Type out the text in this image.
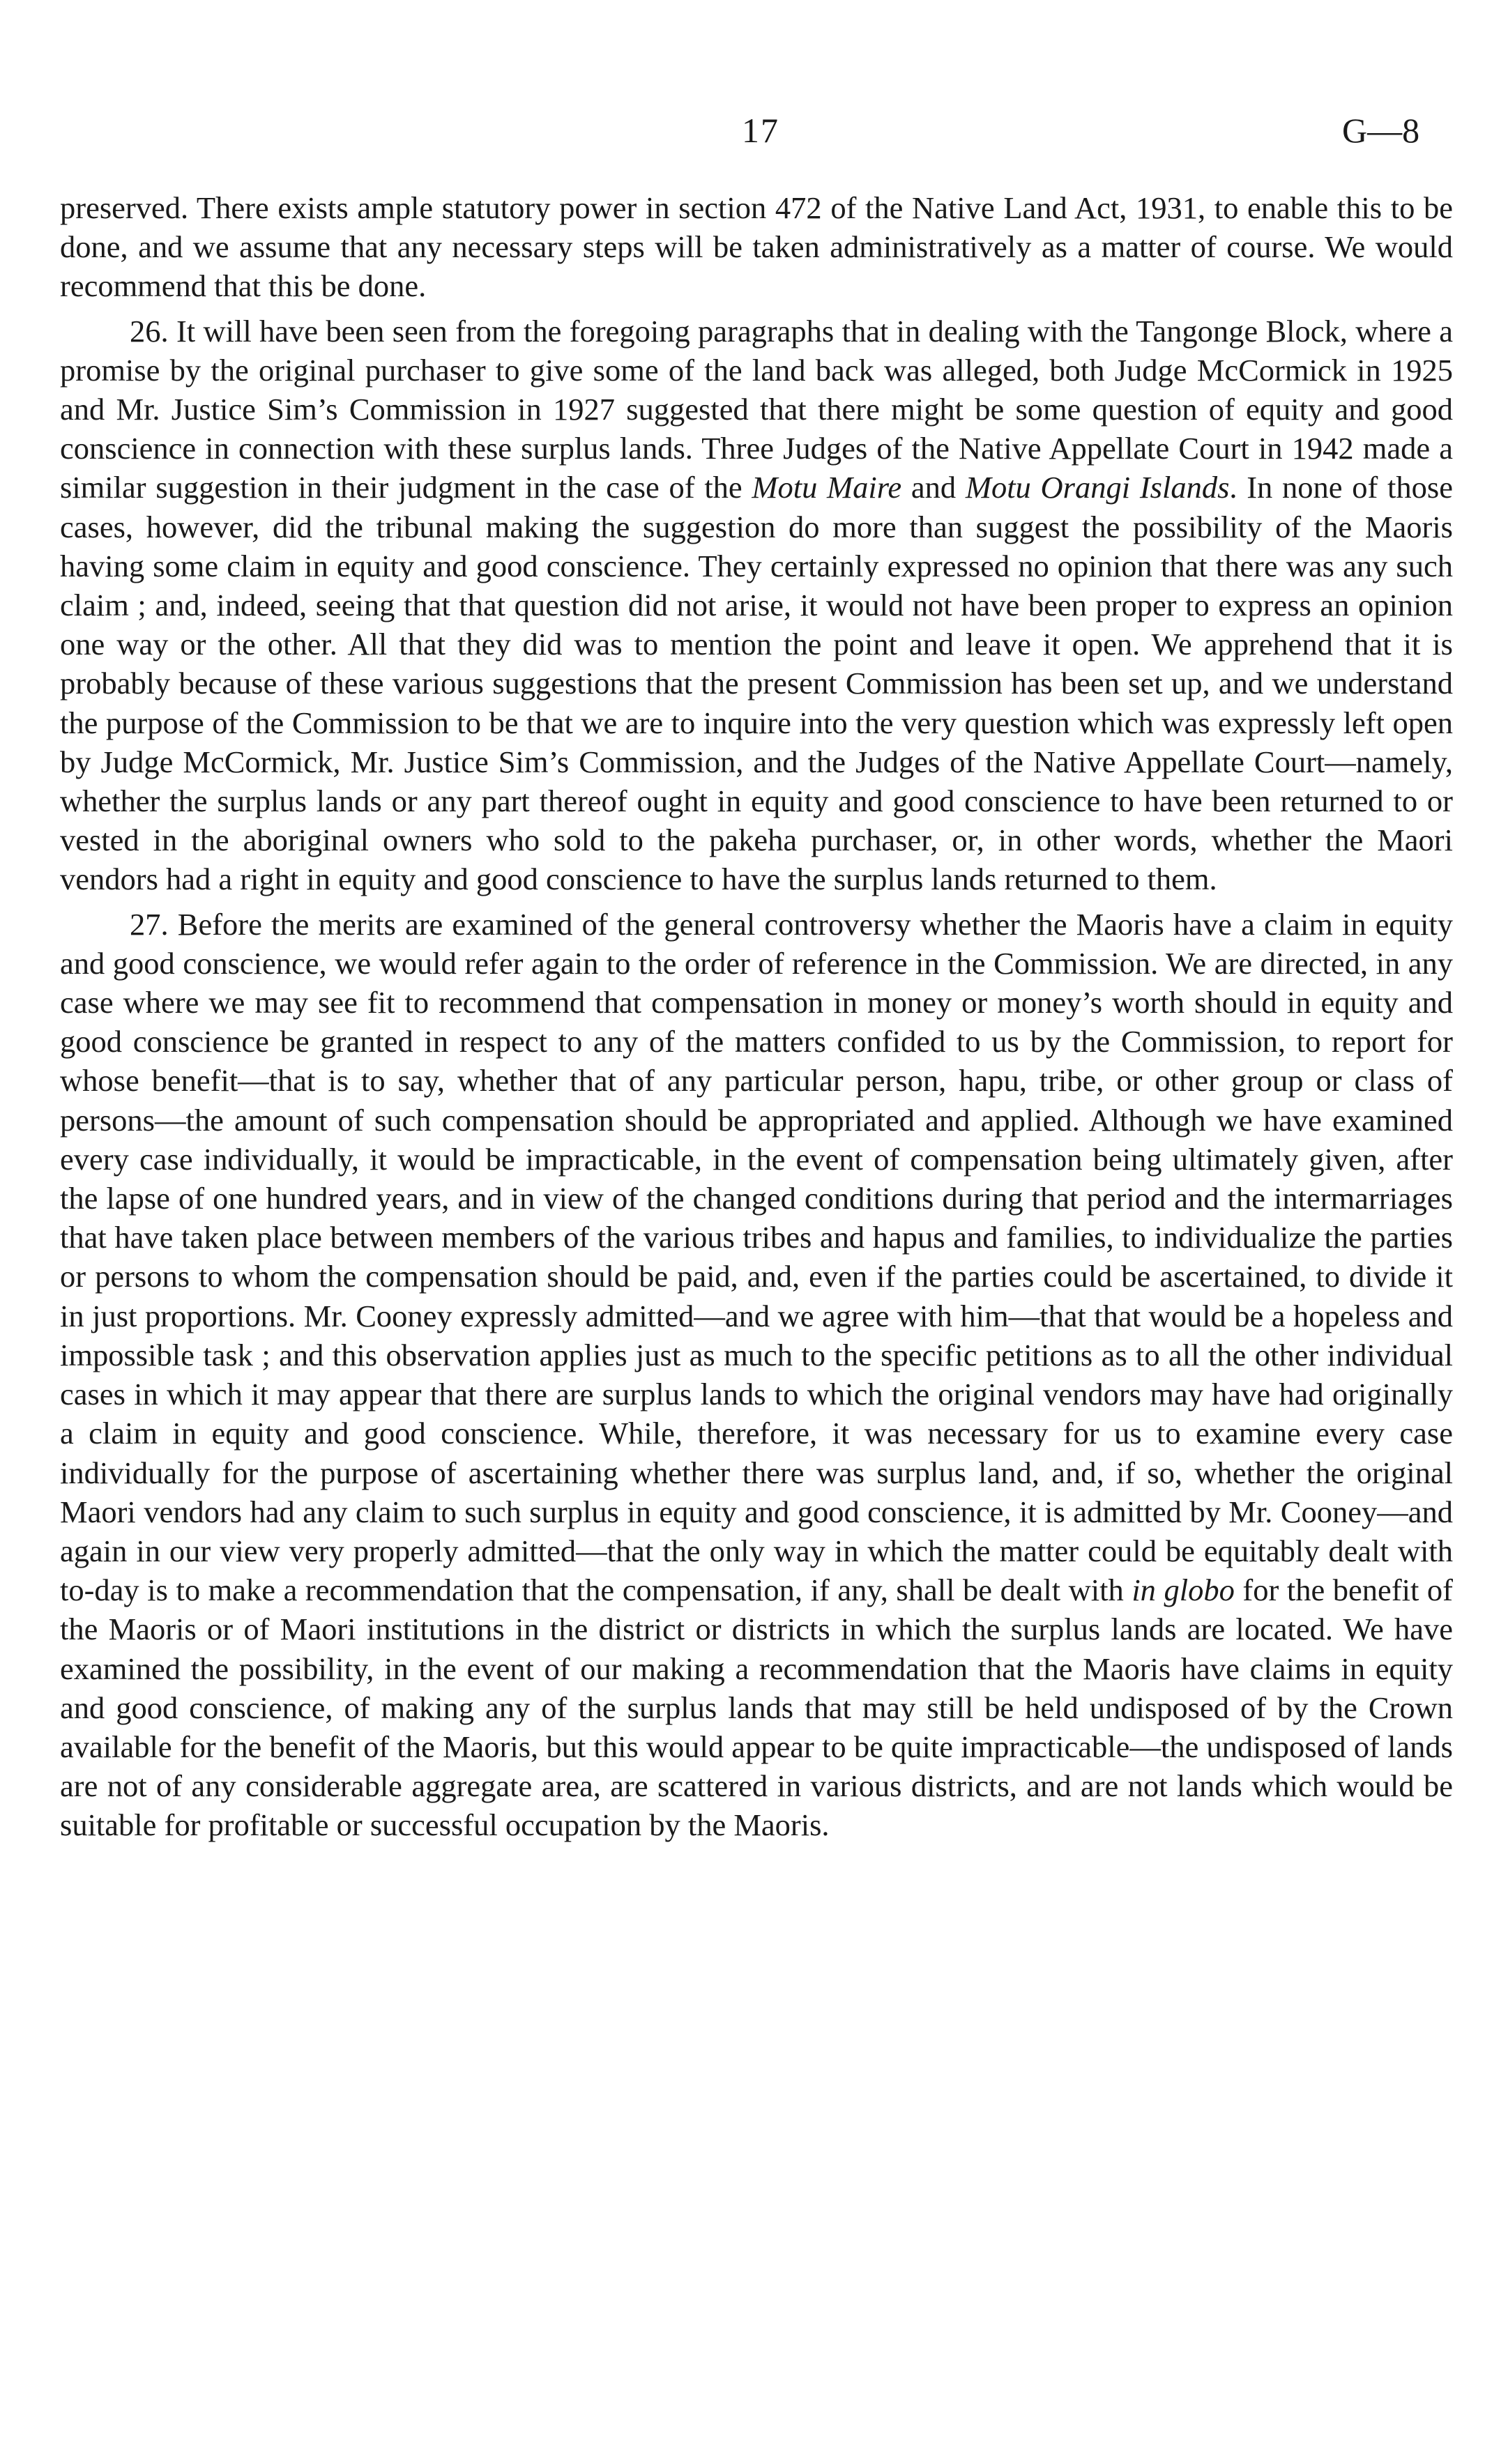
17	G—8

preserved. There exists ample statutory power in section 472 of the Native Land Act, 1931, to enable this to be done, and we assume that any necessary steps will be taken administratively as a matter of course. We would recommend that this be done.

26. It will have been seen from the foregoing paragraphs that in dealing with the Tangonge Block, where a promise by the original purchaser to give some of the land back was alleged, both Judge McCormick in 1925 and Mr. Justice Sim’s Commission in 1927 suggested that there might be some question of equity and good conscience in connection with these surplus lands. Three Judges of the Native Appellate Court in 1942 made a similar suggestion in their judgment in the case of the Motu Maire and Motu Orangi Islands. In none of those cases, however, did the tribunal making the suggestion do more than suggest the possibility of the Maoris having some claim in equity and good conscience. They certainly expressed no opinion that there was any such claim ; and, indeed, seeing that that question did not arise, it would not have been proper to express an opinion one way or the other. All that they did was to mention the point and leave it open. We apprehend that it is probably because of these various suggestions that the present Commission has been set up, and we understand the purpose of the Commission to be that we are to inquire into the very question which was expressly left open by Judge McCormick, Mr. Justice Sim’s Commission, and the Judges of the Native Appellate Court—namely, whether the surplus lands or any part thereof ought in equity and good conscience to have been returned to or vested in the aboriginal owners who sold to the pakeha purchaser, or, in other words, whether the Maori vendors had a right in equity and good conscience to have the surplus lands returned to them.

27. Before the merits are examined of the general controversy whether the Maoris have a claim in equity and good conscience, we would refer again to the order of reference in the Commission. We are directed, in any case where we may see fit to recommend that compensation in money or money’s worth should in equity and good conscience be granted in respect to any of the matters confided to us by the Commission, to report for whose benefit—that is to say, whether that of any particular person, hapu, tribe, or other group or class of persons—the amount of such compensation should be appropriated and applied. Although we have examined every case individually, it would be impracticable, in the event of compensation being ultimately given, after the lapse of one hundred years, and in view of the changed conditions during that period and the intermarriages that have taken place between members of the various tribes and hapus and families, to individualize the parties or persons to whom the compensation should be paid, and, even if the parties could be ascertained, to divide it in just proportions. Mr. Cooney expressly admitted—and we agree with him—that that would be a hopeless and impossible task ; and this observation applies just as much to the specific petitions as to all the other individual cases in which it may appear that there are surplus lands to which the original vendors may have had originally a claim in equity and good conscience. While, therefore, it was necessary for us to examine every case individually for the purpose of ascertaining whether there was surplus land, and, if so, whether the original Maori vendors had any claim to such surplus in equity and good conscience, it is admitted by Mr. Cooney—and again in our view very properly admitted—that the only way in which the matter could be equitably dealt with to-day is to make a recommendation that the compensation, if any, shall be dealt with in globo for the benefit of the Maoris or of Maori institutions in the district or districts in which the surplus lands are located. We have examined the possibility, in the event of our making a recommendation that the Maoris have claims in equity and good conscience, of making any of the surplus lands that may still be held undisposed of by the Crown available for the benefit of the Maoris, but this would appear to be quite impracticable—the undisposed of lands are not of any considerable aggregate area, are scattered in various districts, and are not lands which would be suitable for profitable or successful occupation by the Maoris.
